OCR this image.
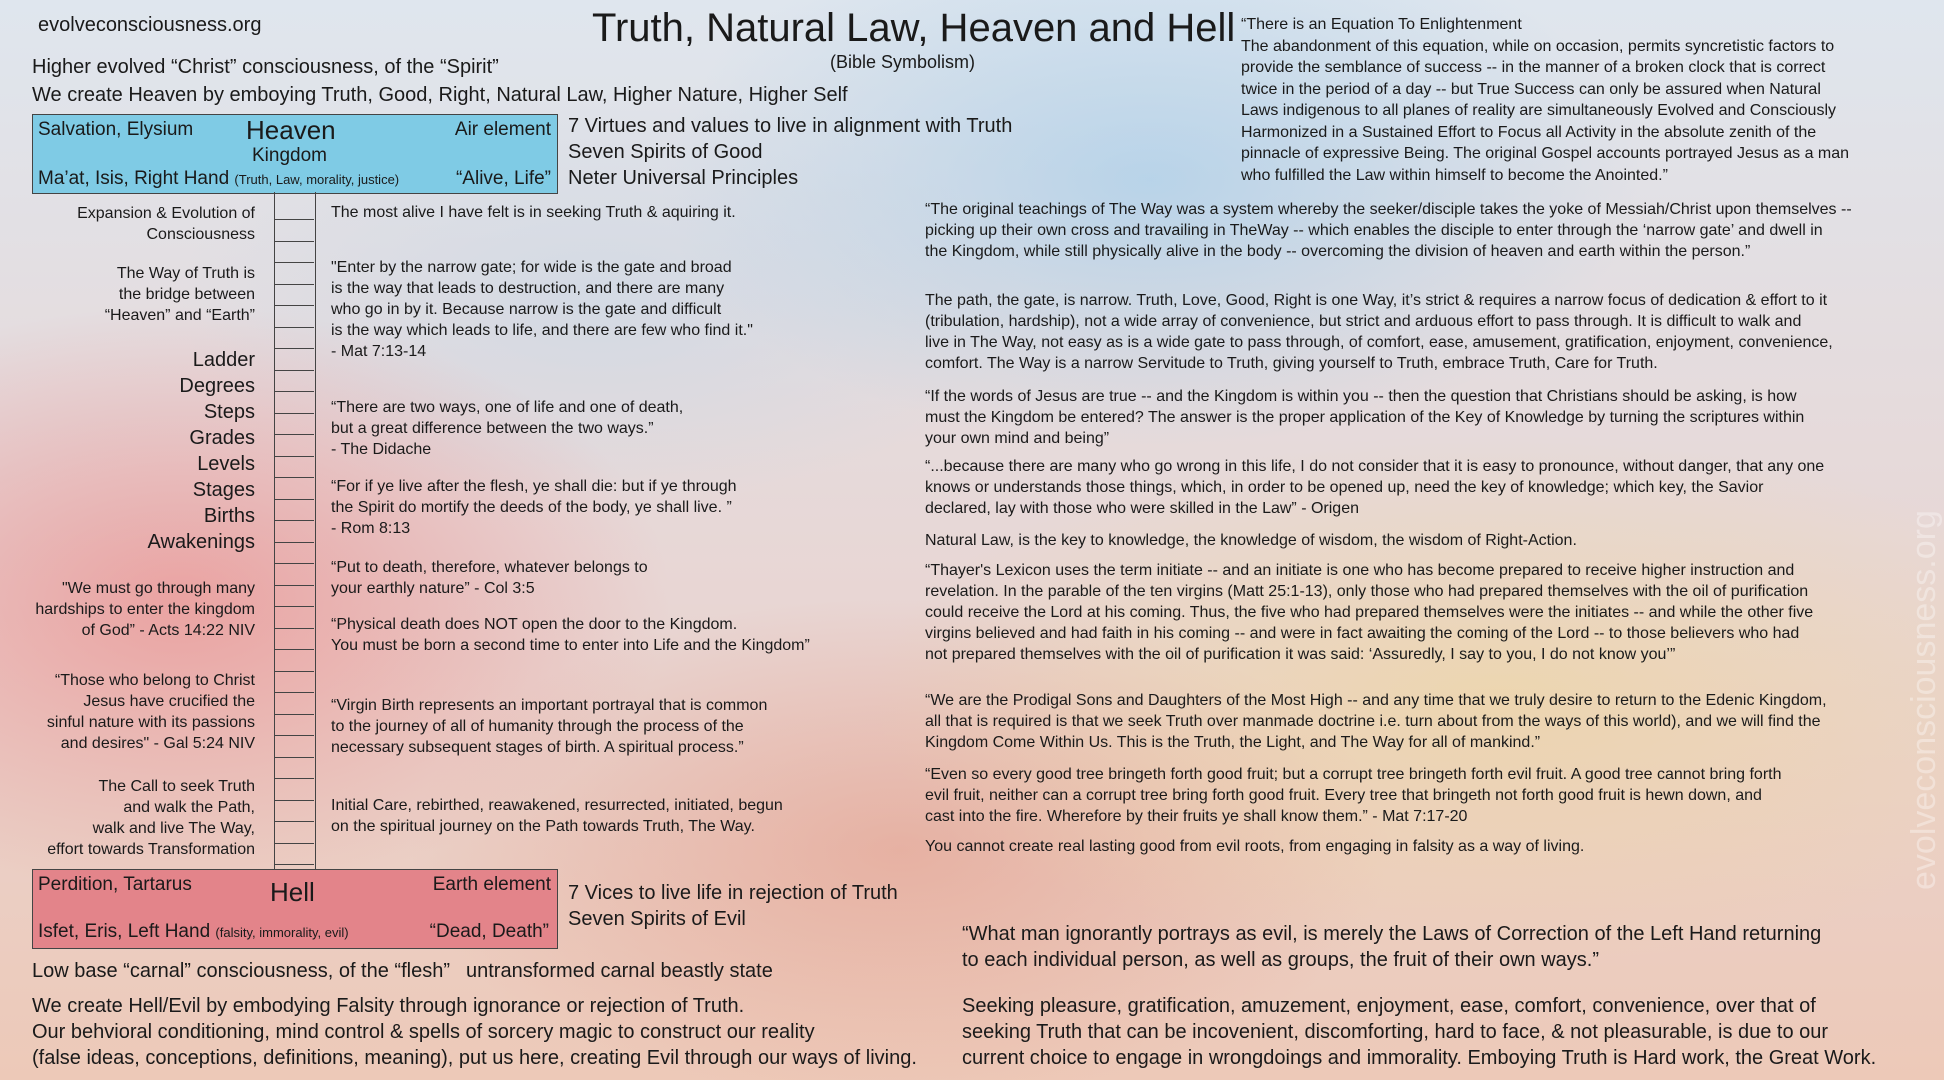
evolveconsciousness.org	Truth, Natural Law, Heaven and Hell
(Bible Symbolism)
Higher evolved “Christ” consciousness, of the “Spirit”
We create Heaven by emboying Truth, Good, Right, Natural Law, Higher Nature, Higher Self
Salvation, Elysium Heaven
Kingdom
Air element
Ma’at, Isis, Right Hand (Truth, Law, morality, justice)	“Alive, Life”
7 Virtues and values to live in alignment with Truth
Seven Spirits of Good
Neter Universal Principles
Expansion & Evolution of
Consciousness
The Way of Truth is
the bridge between
“Heaven” and “Earth”
Ladder
Degrees
Steps
Grades
Levels
Stages
Births
Awakenings
"We must go through many
hardships to enter the kingdom
of God” - Acts 14:22 NIV
“Those who belong to Christ
Jesus have crucified the
sinful nature with its passions
and desires" - Gal 5:24 NIV
The Call to seek Truth
and walk the Path,
walk and live The Way,
effort towards Transformation
The most alive I have felt is in seeking Truth & aquiring it.
"Enter by the narrow gate; for wide is the gate and broad
is the way that leads to destruction, and there are many
who go in by it. Because narrow is the gate and difficult
is the way which leads to life, and there are few who find it."
- Mat 7:13-14
“There are two ways, one of life and one of death,
but a great difference between the two ways.”
- The Didache
“For if ye live after the flesh, ye shall die: but if ye through
the Spirit do mortify the deeds of the body, ye shall live. ”
- Rom 8:13
“Put to death, therefore, whatever belongs to
your earthly nature” - Col 3:5
“Physical death does NOT open the door to the Kingdom.
You must be born a second time to enter into Life and the Kingdom”
“Virgin Birth represents an important portrayal that is common
to the journey of all of humanity through the process of the
necessary subsequent stages of birth. A spiritual process.”
Initial Care, rebirthed, reawakened, resurrected, initiated, begun
on the spiritual journey on the Path towards Truth, The Way.
Perdition, Tartarus	Hell	Earth element
Isfet, Eris, Left Hand (falsity, immorality, evil)	“Dead, Death”
7 Vices to live life in rejection of Truth
Seven Spirits of Evil
Low base “carnal” consciousness, of the “flesh” untransformed carnal beastly state
We create Hell/Evil by embodying Falsity through ignorance or rejection of Truth.
Our behvioral conditioning, mind control & spells of sorcery magic to construct our reality
(false ideas, conceptions, definitions, meaning), put us here, creating Evil through our ways of living.
“There is an Equation To Enlightenment
The abandonment of this equation, while on occasion, permits syncretistic factors to
provide the semblance of success -- in the manner of a broken clock that is correct
twice in the period of a day -- but True Success can only be assured when Natural
Laws indigenous to all planes of reality are simultaneously Evolved and Consciously
Harmonized in a Sustained Effort to Focus all Activity in the absolute zenith of the
pinnacle of expressive Being. The original Gospel accounts portrayed Jesus as a man
who fulfilled the Law within himself to become the Anointed.”
“The original teachings of The Way was a system whereby the seeker/disciple takes the yoke of Messiah/Christ upon themselves --
picking up their own cross and travailing in TheWay -- which enables the disciple to enter through the ‘narrow gate’ and dwell in
the Kingdom, while still physically alive in the body -- overcoming the division of heaven and earth within the person.”
The path, the gate, is narrow. Truth, Love, Good, Right is one Way, it’s strict & requires a narrow focus of dedication & effort to it
(tribulation, hardship), not a wide array of convenience, but strict and arduous effort to pass through. It is difficult to walk and
live in The Way, not easy as is a wide gate to pass through, of comfort, ease, amusement, gratification, enjoyment, convenience,
comfort. The Way is a narrow Servitude to Truth, giving yourself to Truth, embrace Truth, Care for Truth.
“If the words of Jesus are true -- and the Kingdom is within you -- then the question that Christians should be asking, is how
must the Kingdom be entered? The answer is the proper application of the Key of Knowledge by turning the scriptures within
your own mind and being”
“...because there are many who go wrong in this life, I do not consider that it is easy to pronounce, without danger, that any one
knows or understands those things, which, in order to be opened up, need the key of knowledge; which key, the Savior
declared, lay with those who were skilled in the Law” - Origen
Natural Law, is the key to knowledge, the knowledge of wisdom, the wisdom of Right-Action.
“Thayer's Lexicon uses the term initiate -- and an initiate is one who has become prepared to receive higher instruction and
revelation. In the parable of the ten virgins (Matt 25:1-13), only those who had prepared themselves with the oil of purification
could receive the Lord at his coming. Thus, the five who had prepared themselves were the initiates -- and while the other five
virgins believed and had faith in his coming -- and were in fact awaiting the coming of the Lord -- to those believers who had
not prepared themselves with the oil of purification it was said: ‘Assuredly, I say to you, I do not know you’”
“We are the Prodigal Sons and Daughters of the Most High -- and any time that we truly desire to return to the Edenic Kingdom,
all that is required is that we seek Truth over manmade doctrine i.e. turn about from the ways of this world), and we will find the
Kingdom Come Within Us. This is the Truth, the Light, and The Way for all of mankind.”
“Even so every good tree bringeth forth good fruit; but a corrupt tree bringeth forth evil fruit. A good tree cannot bring forth
evil fruit, neither can a corrupt tree bring forth good fruit. Every tree that bringeth not forth good fruit is hewn down, and
cast into the fire. Wherefore by their fruits ye shall know them.” - Mat 7:17-20
You cannot create real lasting good from evil roots, from engaging in falsity as a way of living.
“What man ignorantly portrays as evil, is merely the Laws of Correction of the Left Hand returning
to each individual person, as well as groups, the fruit of their own ways.”
Seeking pleasure, gratification, amuzement, enjoyment, ease, comfort, convenience, over that of
seeking Truth that can be incovenient, discomforting, hard to face, & not pleasurable, is due to our
current choice to engage in wrongdoings and immorality. Emboying Truth is Hard work, the Great Work.
evolveconsciousness.org
